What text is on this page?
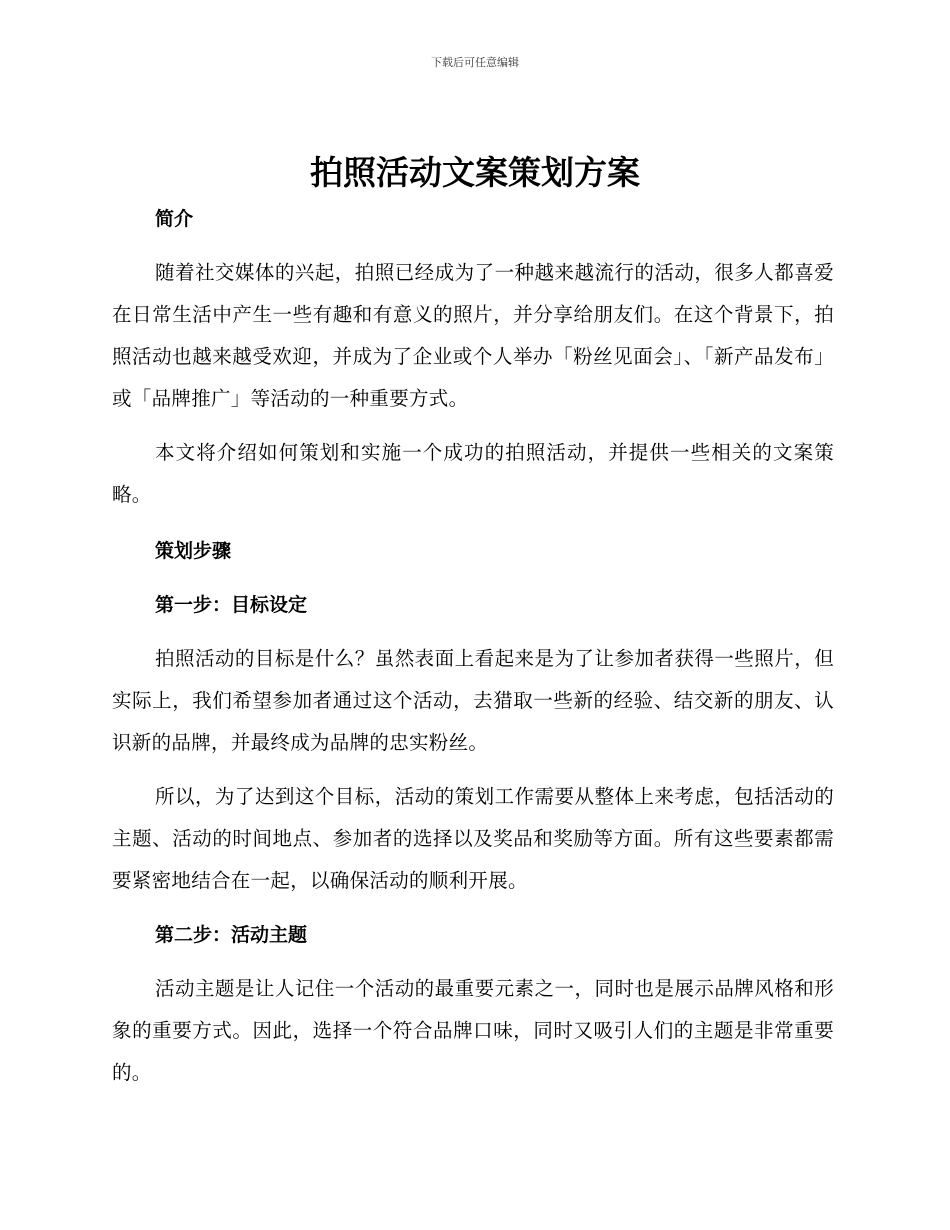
下载后可任意编辑
拍照活动文案策划方案
简介

随着社交媒体的兴起，拍照已经成为了一种越来越流行的活动，很多人都喜爱在日常生活中产生一些有趣和有意义的照片，并分享给朋友们。在这个背景下，拍照活动也越来越受欢迎，并成为了企业或个人举办「粉丝见面会」、「新产品发布」或「品牌推广」等活动的一种重要方式。

本文将介绍如何策划和实施一个成功的拍照活动，并提供一些相关的文案策略。

策划步骤
第一步：目标设定

拍照活动的目标是什么？虽然表面上看起来是为了让参加者获得一些照片，但实际上，我们希望参加者通过这个活动，去猎取一些新的经验、结交新的朋友、认识新的品牌，并最终成为品牌的忠实粉丝。

所以，为了达到这个目标，活动的策划工作需要从整体上来考虑，包括活动的主题、活动的时间地点、参加者的选择以及奖品和奖励等方面。所有这些要素都需要紧密地结合在一起，以确保活动的顺利开展。

第二步：活动主题

活动主题是让人记住一个活动的最重要元素之一，同时也是展示品牌风格和形象的重要方式。因此，选择一个符合品牌口味，同时又吸引人们的主题是非常重要的。
